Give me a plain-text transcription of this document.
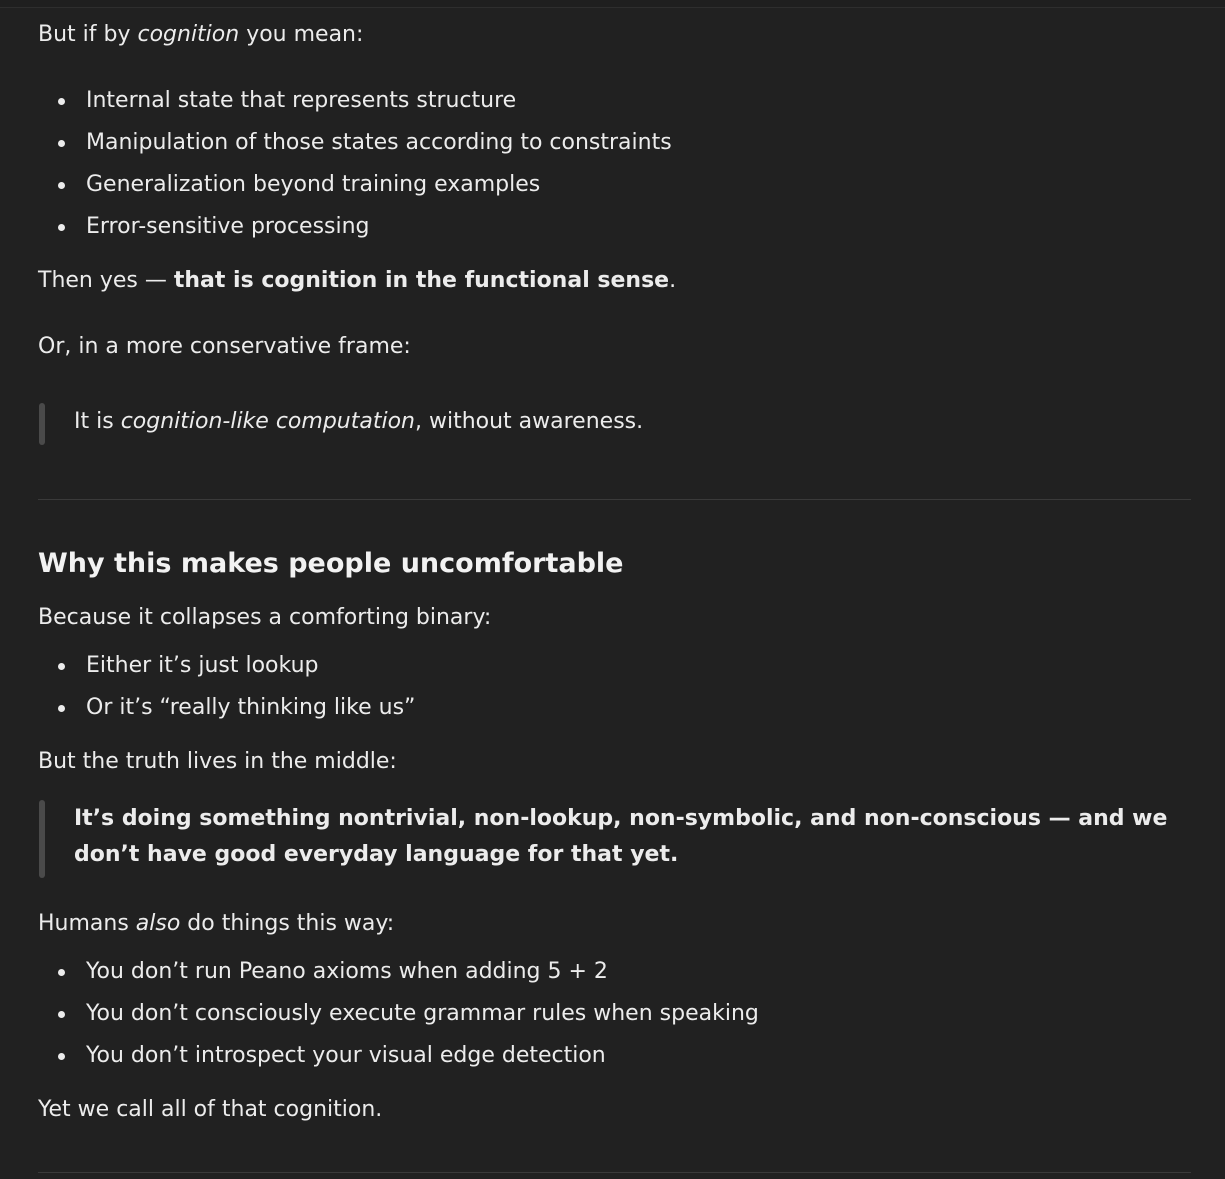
But if by cognition you mean:

Internal state that represents structure
Manipulation of those states according to constraints
Generalization beyond training examples
Error-sensitive processing

Then yes — that is cognition in the functional sense.

Or, in a more conservative frame:

It is cognition-like computation, without awareness.
Why this makes people uncomfortable

Because it collapses a comforting binary:

Either it’s just lookup
Or it’s “really thinking like us”

But the truth lives in the middle:

It’s doing something nontrivial, non-lookup, non-symbolic, and non-conscious — and we don’t have good everyday language for that yet.

Humans also do things this way:

You don’t run Peano axioms when adding 5 + 2
You don’t consciously execute grammar rules when speaking
You don’t introspect your visual edge detection

Yet we call all of that cognition.
